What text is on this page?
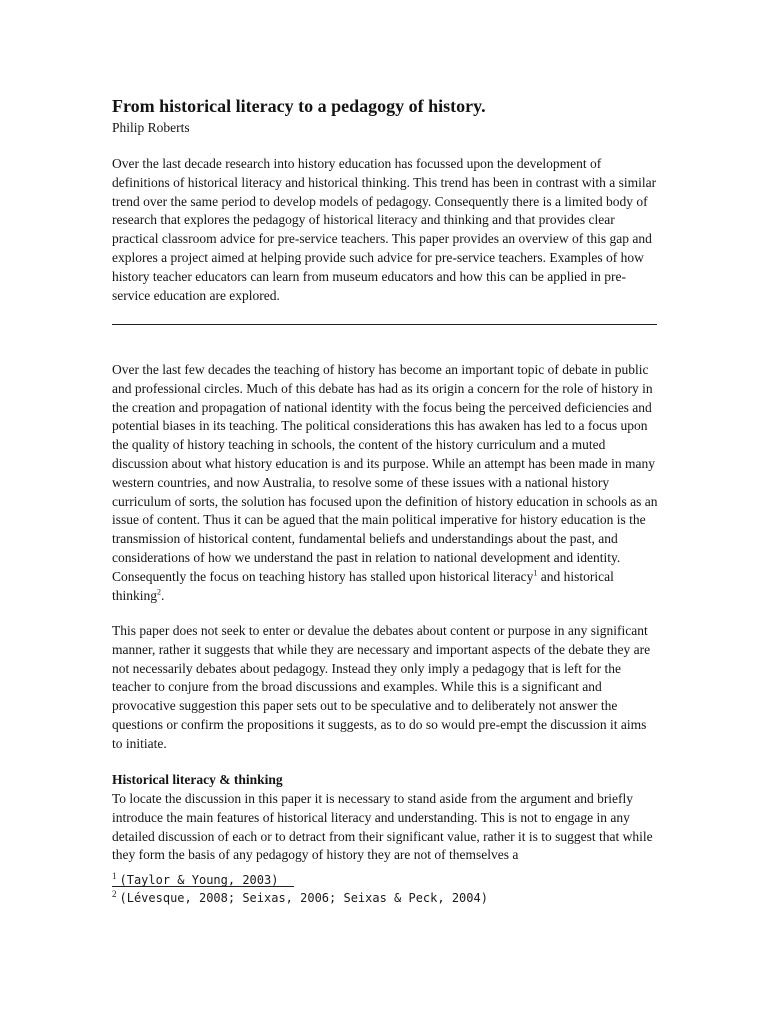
From historical literacy to a pedagogy of history.
Philip Roberts

Over the last decade research into history education has focussed upon the development of definitions of historical literacy and historical thinking. This trend has been in contrast with a similar trend over the same period to develop models of pedagogy. Consequently there is a limited body of research that explores the pedagogy of historical literacy and thinking and that provides clear practical classroom advice for pre-service teachers. This paper provides an overview of this gap and explores a project aimed at helping provide such advice for pre-service teachers. Examples of how history teacher educators can learn from museum educators and how this can be applied in pre-service education are explored.

Over the last few decades the teaching of history has become an important topic of debate in public and professional circles. Much of this debate has had as its origin a concern for the role of history in the creation and propagation of national identity with the focus being the perceived deficiencies and potential biases in its teaching. The political considerations this has awaken has led to a focus upon the quality of history teaching in schools, the content of the history curriculum and a muted discussion about what history education is and its purpose. While an attempt has been made in many western countries, and now Australia, to resolve some of these issues with a national history curriculum of sorts, the solution has focused upon the definition of history education in schools as an issue of content. Thus it can be agued that the main political imperative for history education is the transmission of historical content, fundamental beliefs and understandings about the past, and considerations of how we understand the past in relation to national development and identity. Consequently the focus on teaching history has stalled upon historical literacy$^1$ and historical thinking$^2$.

This paper does not seek to enter or devalue the debates about content or purpose in any significant manner, rather it suggests that while they are necessary and important aspects of the debate they are not necessarily debates about pedagogy. Instead they only imply a pedagogy that is left for the teacher to conjure from the broad discussions and examples. While this is a significant and provocative suggestion this paper sets out to be speculative and to deliberately not answer the questions or confirm the propositions it suggests, as to do so would pre-empt the discussion it aims to initiate.

Historical literacy & thinking

To locate the discussion in this paper it is necessary to stand aside from the argument and briefly introduce the main features of historical literacy and understanding. This is not to engage in any detailed discussion of each or to detract from their significant value, rather it is to suggest that while they form the basis of any pedagogy of history they are not of themselves a

$^1$ (Taylor & Young, 2003)
$^2$ (Lévesque, 2008; Seixas, 2006; Seixas & Peck, 2004)
